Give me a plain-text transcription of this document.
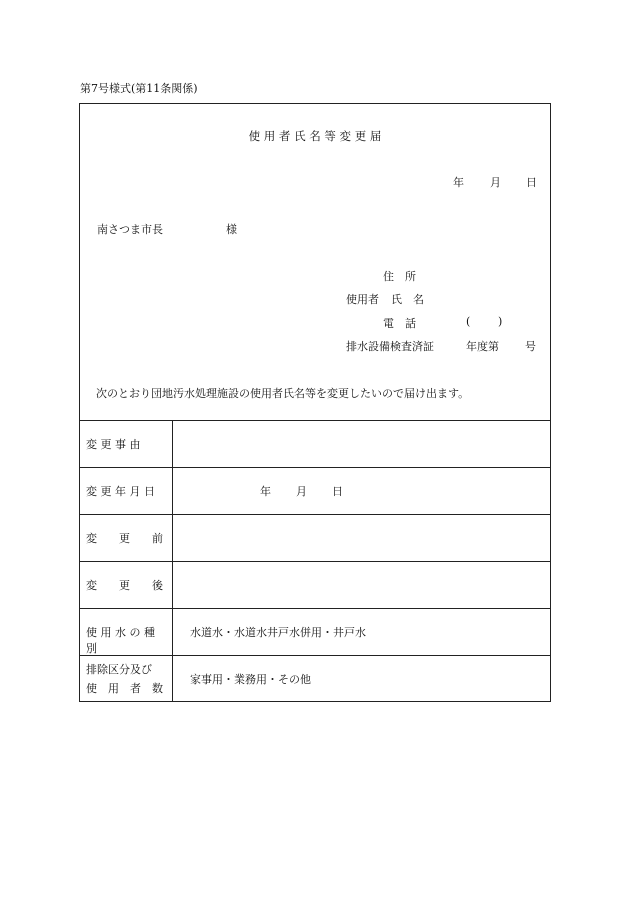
第7号様式(第11条関係)
使 用 者 氏 名 等 変 更 届
年 月 日
南さつま市長	様
住　所
使用者 氏　名
電　話	(	)
排水設備検査済証	年度第 号
次のとおり団地汚水処理施設の使用者氏名等を変更したいので届け出ます。
変 更 事 由
変 更 年 月 日	年 月 日
変　　更　　前
変　　更　　後
使 用 水 の 種 別
水道水・水道水井戸水併用・井戸水
排除区分及び
使　用　者　数
家事用・業務用・その他
